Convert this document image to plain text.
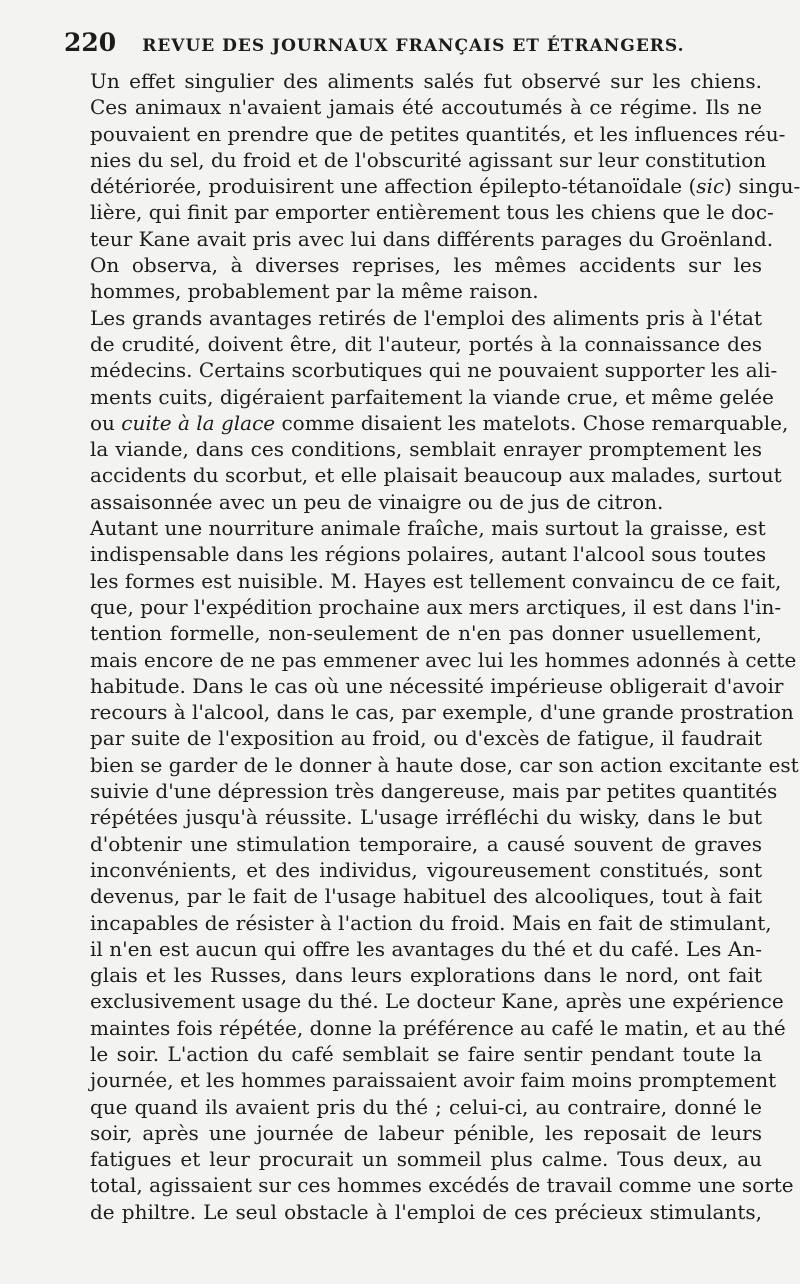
220 REVUE DES JOURNAUX FRANÇAIS ET ÉTRANGERS.
Un effet singulier des aliments salés fut observé sur les chiens.
Ces animaux n'avaient jamais été accoutumés à ce régime. Ils ne
pouvaient en prendre que de petites quantités, et les influences réu-
nies du sel, du froid et de l'obscurité agissant sur leur constitution
détériorée, produisirent une affection épilepto-tétanoïdale (sic) singu-
lière, qui finit par emporter entièrement tous les chiens que le doc-
teur Kane avait pris avec lui dans différents parages du Groënland.
On observa, à diverses reprises, les mêmes accidents sur les
hommes, probablement par la même raison.
Les grands avantages retirés de l'emploi des aliments pris à l'état
de crudité, doivent être, dit l'auteur, portés à la connaissance des
médecins. Certains scorbutiques qui ne pouvaient supporter les ali-
ments cuits, digéraient parfaitement la viande crue, et même gelée
ou cuite à la glace comme disaient les matelots. Chose remarquable,
la viande, dans ces conditions, semblait enrayer promptement les
accidents du scorbut, et elle plaisait beaucoup aux malades, surtout
assaisonnée avec un peu de vinaigre ou de jus de citron.
Autant une nourriture animale fraîche, mais surtout la graisse, est
indispensable dans les régions polaires, autant l'alcool sous toutes
les formes est nuisible. M. Hayes est tellement convaincu de ce fait,
que, pour l'expédition prochaine aux mers arctiques, il est dans l'in-
tention formelle, non-seulement de n'en pas donner usuellement,
mais encore de ne pas emmener avec lui les hommes adonnés à cette
habitude. Dans le cas où une nécessité impérieuse obligerait d'avoir
recours à l'alcool, dans le cas, par exemple, d'une grande prostration
par suite de l'exposition au froid, ou d'excès de fatigue, il faudrait
bien se garder de le donner à haute dose, car son action excitante est
suivie d'une dépression très dangereuse, mais par petites quantités
répétées jusqu'à réussite. L'usage irréfléchi du wisky, dans le but
d'obtenir une stimulation temporaire, a causé souvent de graves
inconvénients, et des individus, vigoureusement constitués, sont
devenus, par le fait de l'usage habituel des alcooliques, tout à fait
incapables de résister à l'action du froid. Mais en fait de stimulant,
il n'en est aucun qui offre les avantages du thé et du café. Les An-
glais et les Russes, dans leurs explorations dans le nord, ont fait
exclusivement usage du thé. Le docteur Kane, après une expérience
maintes fois répétée, donne la préférence au café le matin, et au thé
le soir. L'action du café semblait se faire sentir pendant toute la
journée, et les hommes paraissaient avoir faim moins promptement
que quand ils avaient pris du thé ; celui-ci, au contraire, donné le
soir, après une journée de labeur pénible, les reposait de leurs
fatigues et leur procurait un sommeil plus calme. Tous deux, au
total, agissaient sur ces hommes excédés de travail comme une sorte
de philtre. Le seul obstacle à l'emploi de ces précieux stimulants,
